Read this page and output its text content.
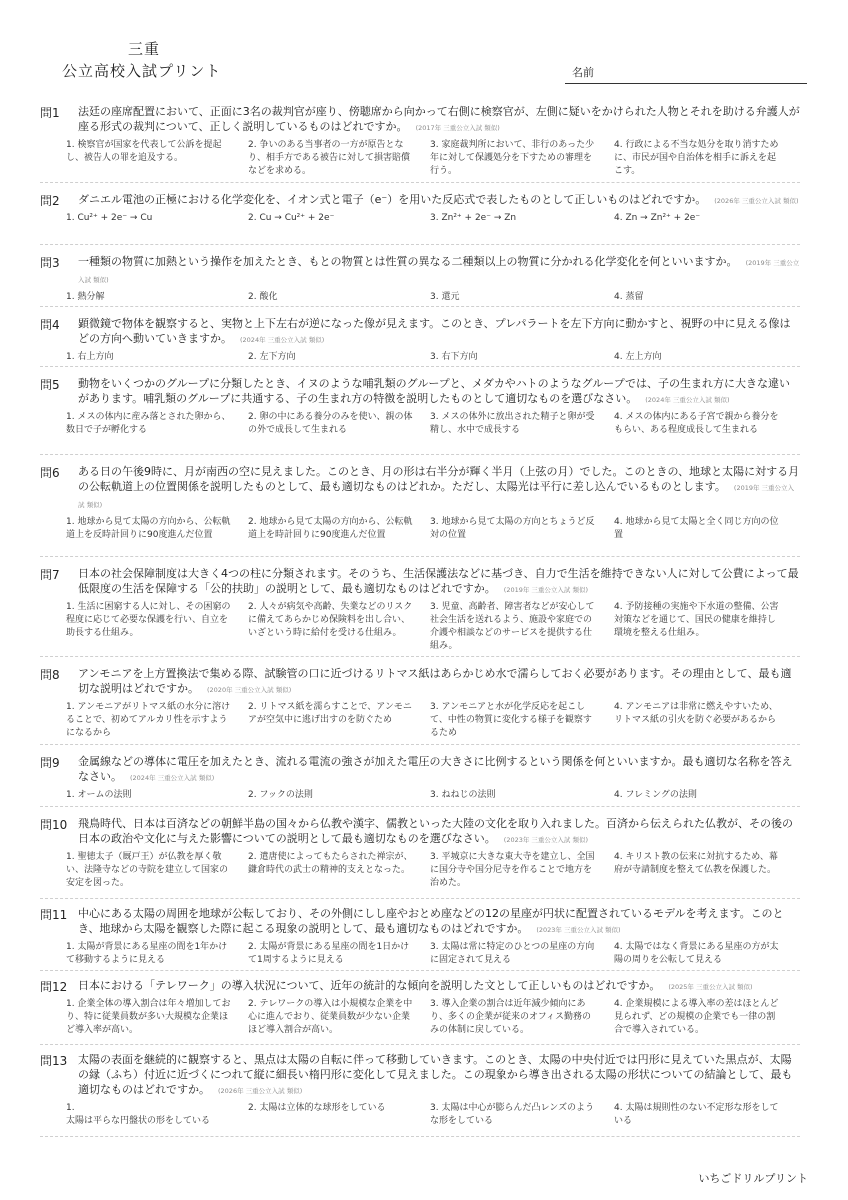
三重
公立高校入試プリント	名前
問1	法廷の座席配置において、正面に3名の裁判官が座り、傍聴席から向かって右側に検察官が、左側に疑いをかけられた人物とそれを助ける弁護人が座る形式の裁判について、正しく説明しているものはどれですか。 (2017年 三重公立入試 類似)
1. 検察官が国家を代表して公訴を提起し、被告人の罪を追及する。
2. 争いのある当事者の一方が原告となり、相手方である被告に対して損害賠償などを求める。
3. 家庭裁判所において、非行のあった少年に対して保護処分を下すための審理を行う。
4. 行政による不当な処分を取り消すために、市民が国や自治体を相手に訴えを起こす。
問2	ダニエル電池の正極における化学変化を、イオン式と電子（e⁻）を用いた反応式で表したものとして正しいものはどれですか。 (2026年 三重公立入試 類似)
1. Cu²⁺ + 2e⁻ → Cu	2. Cu → Cu²⁺ + 2e⁻	3. Zn²⁺ + 2e⁻ → Zn	4. Zn → Zn²⁺ + 2e⁻
問3	一種類の物質に加熱という操作を加えたとき、もとの物質とは性質の異なる二種類以上の物質に分かれる化学変化を何といいますか。 (2019年 三重公立入試 類似)
1. 熱分解	2. 酸化	3. 還元	4. 蒸留
問4	顕微鏡で物体を観察すると、実物と上下左右が逆になった像が見えます。このとき、プレパラートを左下方向に動かすと、視野の中に見える像はどの方向へ動いていきますか。 (2024年 三重公立入試 類似)
1. 右上方向	2. 左下方向	3. 右下方向	4. 左上方向
問5	動物をいくつかのグループに分類したとき、イヌのような哺乳類のグループと、メダカやハトのようなグループでは、子の生まれ方に大きな違いがあります。哺乳類のグループに共通する、子の生まれ方の特徴を説明したものとして適切なものを選びなさい。 (2024年 三重公立入試 類似)
1. メスの体内に産み落とされた卵から、数日で子が孵化する
2. 卵の中にある養分のみを使い、親の体の外で成長して生まれる
3. メスの体外に放出された精子と卵が受精し、水中で成長する
4. メスの体内にある子宮で親から養分をもらい、ある程度成長して生まれる
問6	ある日の午後9時に、月が南西の空に見えました。このとき、月の形は右半分が輝く半月（上弦の月）でした。このときの、地球と太陽に対する月の公転軌道上の位置関係を説明したものとして、最も適切なものはどれか。ただし、太陽光は平行に差し込んでいるものとします。 (2019年 三重公立入試 類似)
1. 地球から見て太陽の方向から、公転軌道上を反時計回りに90度進んだ位置
2. 地球から見て太陽の方向から、公転軌道上を時計回りに90度進んだ位置
3. 地球から見て太陽の方向とちょうど反対の位置
4. 地球から見て太陽と全く同じ方向の位置
問7	日本の社会保障制度は大きく4つの柱に分類されます。そのうち、生活保護法などに基づき、自力で生活を維持できない人に対して公費によって最低限度の生活を保障する「公的扶助」の説明として、最も適切なものはどれですか。 (2019年 三重公立入試 類似)
1. 生活に困窮する人に対し、その困窮の程度に応じて必要な保護を行い、自立を助長する仕組み。
2. 人々が病気や高齢、失業などのリスクに備えてあらかじめ保険料を出し合い、いざという時に給付を受ける仕組み。
3. 児童、高齢者、障害者などが安心して社会生活を送れるよう、施設や家庭での介護や相談などのサービスを提供する仕組み。
4. 予防接種の実施や下水道の整備、公害対策などを通じて、国民の健康を維持し環境を整える仕組み。
問8	アンモニアを上方置換法で集める際、試験管の口に近づけるリトマス紙はあらかじめ水で濡らしておく必要があります。その理由として、最も適切な説明はどれですか。 (2020年 三重公立入試 類似)
1. アンモニアがリトマス紙の水分に溶けることで、初めてアルカリ性を示すようになるから
2. リトマス紙を濡らすことで、アンモニアが空気中に逃げ出すのを防ぐため
3. アンモニアと水が化学反応を起こして、中性の物質に変化する様子を観察するため
4. アンモニアは非常に燃えやすいため、リトマス紙の引火を防ぐ必要があるから
問9	金属線などの導体に電圧を加えたとき、流れる電流の強さが加えた電圧の大きさに比例するという関係を何といいますか。最も適切な名称を答えなさい。 (2024年 三重公立入試 類似)
1. オームの法則	2. フックの法則	3. ねねじの法則	4. フレミングの法則
問10 飛鳥時代、日本は百済などの朝鮮半島の国々から仏教や漢字、儒教といった大陸の文化を取り入れました。百済から伝えられた仏教が、その後の日本の政治や文化に与えた影響についての説明として最も適切なものを選びなさい。 (2023年 三重公立入試 類似)
1. 聖徳太子（厩戸王）が仏教を厚く敬い、法隆寺などの寺院を建立して国家の安定を図った。
2. 遣唐使によってもたらされた禅宗が、鎌倉時代の武士の精神的支えとなった。
3. 平城京に大きな東大寺を建立し、全国に国分寺や国分尼寺を作ることで地方を治めた。
4. キリスト教の伝来に対抗するため、幕府が寺請制度を整えて仏教を保護した。
問11 中心にある太陽の周囲を地球が公転しており、その外側にしし座やおとめ座などの12の星座が円状に配置されているモデルを考えます。このとき、地球から太陽を観察した際に起こる現象の説明として、最も適切なものはどれですか。 (2023年 三重公立入試 類似)
1. 太陽が背景にある星座の間を1年かけて移動するように見える
2. 太陽が背景にある星座の間を1日かけて1周するように見える
3. 太陽は常に特定のひとつの星座の方向に固定されて見える
4. 太陽ではなく背景にある星座の方が太陽の周りを公転して見える
問12 日本における「テレワーク」の導入状況について、近年の統計的な傾向を説明した文として正しいものはどれですか。 (2025年 三重公立入試 類似)
1. 企業全体の導入割合は年々増加しており、特に従業員数が多い大規模な企業ほど導入率が高い。
2. テレワークの導入は小規模な企業を中心に進んでおり、従業員数が少ない企業ほど導入割合が高い。
3. 導入企業の割合は近年減少傾向にあり、多くの企業が従来のオフィス勤務のみの体制に戻している。
4. 企業規模による導入率の差はほとんど見られず、どの規模の企業でも一律の割合で導入されている。
問13 太陽の表面を継続的に観察すると、黒点は太陽の自転に伴って移動していきます。このとき、太陽の中央付近では円形に見えていた黒点が、太陽の縁（ふち）付近に近づくにつれて縦に細長い楕円形に変化して見えました。この現象から導き出される太陽の形状についての結論として、最も適切なものはどれですか。 (2026年 三重公立入試 類似)
1.
太陽は平らな円盤状の形をしている
2. 太陽は立体的な球形をしている	3. 太陽は中心が膨らんだ凸レンズのような形をしている
4. 太陽は規則性のない不定形な形をしている
いちごドリルプリント
